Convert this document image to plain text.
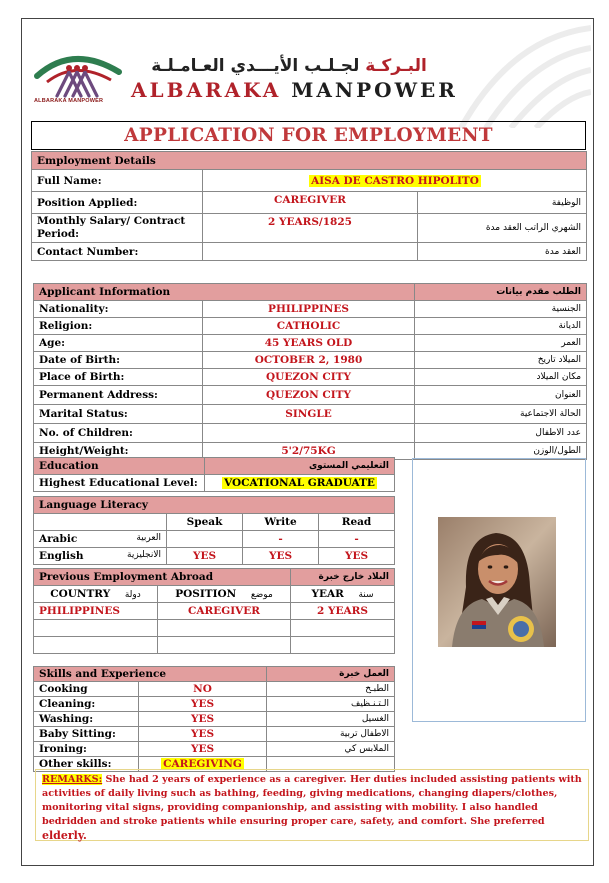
ALBARAKA MANPOWER
البـركـة لجـلـب الأيـــدي العـامـلـة
ALBARAKA MANPOWER
APPLICATION FOR EMPLOYMENT
Employment Details		
Full Name:	AISA DE CASTRO HIPOLITO	
Position Applied:	CAREGIVER	الوظيفة
Monthly Salary/ Contract Period:	2 YEARS/1825	الشهري الراتب العقد مدة
Contact Number:		العقد مدة
Applicant Information		الطلب مقدم بيانات
Nationality:	PHILIPPINES	الجنسية
Religion:	CATHOLIC	الديانة
Age:	45 YEARS OLD	العمر
Date of Birth:	OCTOBER 2, 1980	الميلاد تاريخ
Place of Birth:	QUEZON CITY	مكان الميلاد
Permanent Address:	QUEZON CITY	العنوان
Marital Status:	SINGLE	الحالة الاجتماعية
No. of Children:		عدد الاطفال
Height/Weight:	5'2/75KG	الطول/الوزن
Education	التعليمي المستوى
Highest Educational Level:	VOCATIONAL GRADUATE
Language Literacy			
	Speak	Write	Read
Arabic العربية		-	-
English الانجليزية	YES	YES	YES
Previous Employment Abroad		البلاد خارج خبرة
COUNTRY دولة	POSITION موضع	YEAR سنة
PHILIPPINES	CAREGIVER	2 YEARS

Skills and Experience		العمل خبرة
Cooking	NO	الطبـخ
Cleaning:	YES	الـتـنـظيف
Washing:	YES	الغسيل
Baby Sitting:	YES	الاطفال تربية
Ironing:	YES	الملابس كي
Other skills:	CAREGIVING	
REMARKS: She had 2 years of experience as a caregiver. Her duties included assisting patients with activities of daily living such as bathing, feeding, giving medications, changing diapers/clothes, monitoring vital signs, providing companionship, and assisting with mobility. I also handled bedridden and stroke patients while ensuring proper care, safety, and comfort. She preferred elderly.
